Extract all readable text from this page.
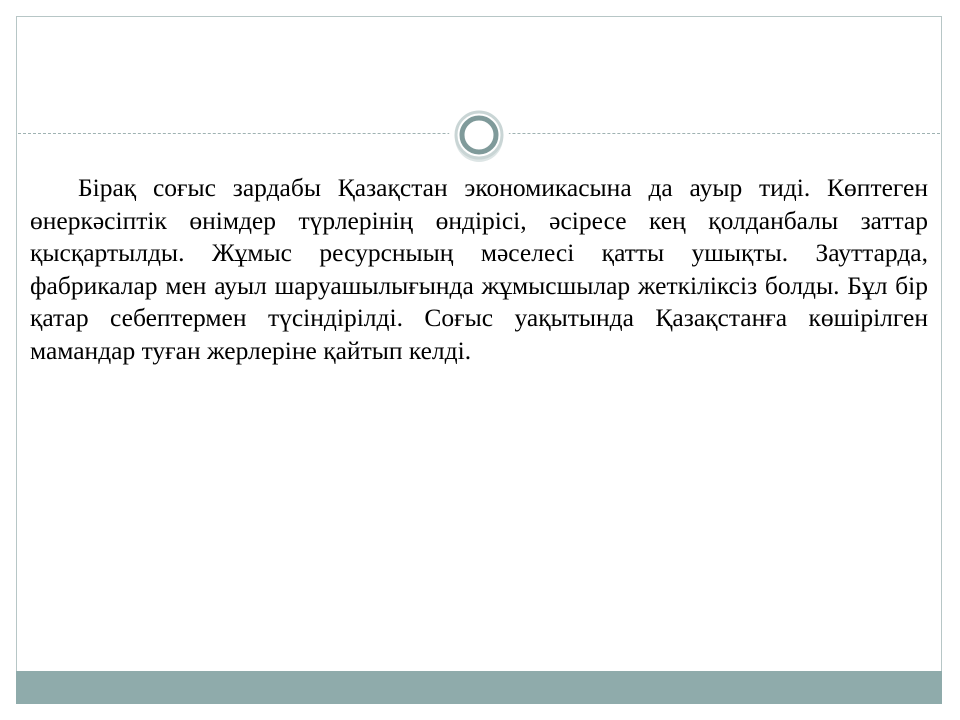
Бірақ соғыс зардабы Қазақстан экономикасына да ауыр тиді. Көптеген өнеркәсіптік өнімдер түрлерінің өндірісі, әсіресе кең қолданбалы заттар қысқартылды. Жұмыс ресурсныың мәселесі қатты ушықты. Зауттарда, фабрикалар мен ауыл шаруашылығында жұмысшылар жеткіліксіз болды. Бұл бір қатар себептермен түсіндірілді. Соғыс уақытында Қазақстанға көшірілген мамандар туған жерлеріне қайтып келді.
